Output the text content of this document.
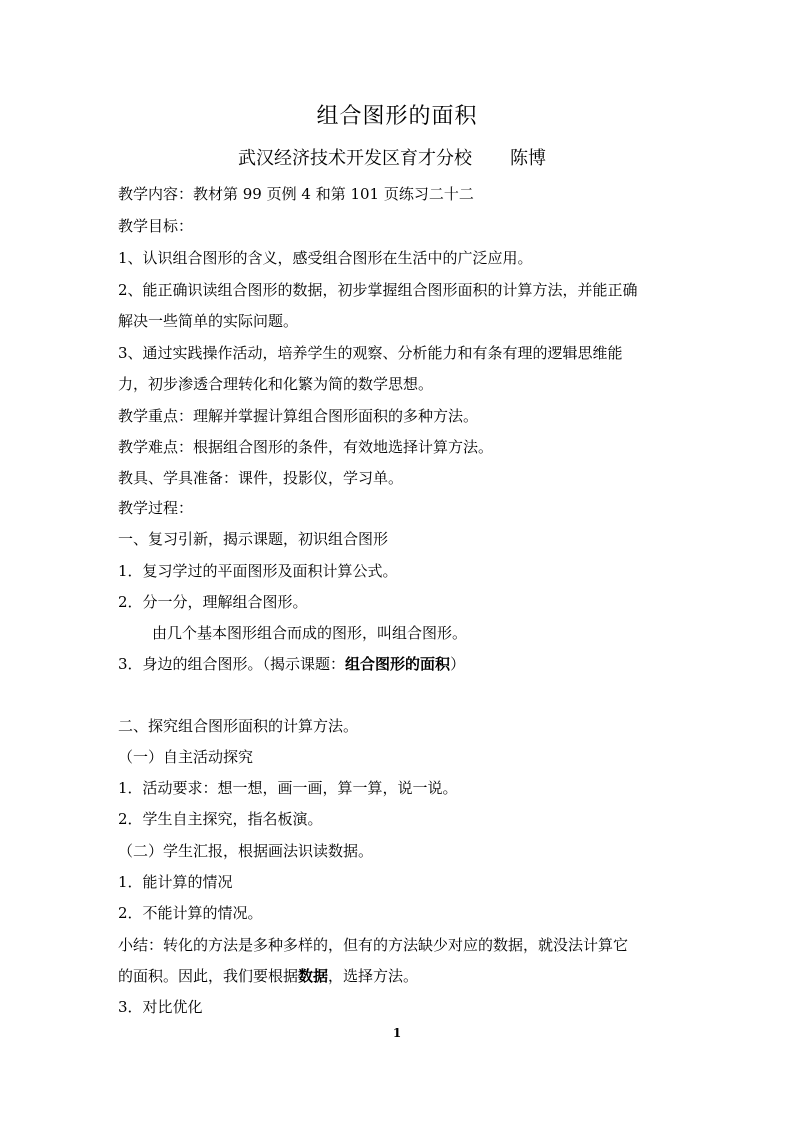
组合图形的面积
武汉经济技术开发区育才分校 陈博
教学内容：教材第 99 页例 4 和第 101 页练习二十二
教学目标：
1、认识组合图形的含义，感受组合图形在生活中的广泛应用。
2、能正确识读组合图形的数据，初步掌握组合图形面积的计算方法，并能正确
解决一些简单的实际问题。
3、通过实践操作活动，培养学生的观察、分析能力和有条有理的逻辑思维能
力，初步渗透合理转化和化繁为简的数学思想。
教学重点：理解并掌握计算组合图形面积的多种方法。
教学难点：根据组合图形的条件，有效地选择计算方法。
教具、学具准备：课件，投影仪，学习单。
教学过程：
一、复习引新，揭示课题，初识组合图形
1．复习学过的平面图形及面积计算公式。
2．分一分，理解组合图形。
由几个基本图形组合而成的图形，叫组合图形。
3．身边的组合图形。（揭示课题：组合图形的面积）
二、探究组合图形面积的计算方法。
（一）自主活动探究
1．活动要求：想一想，画一画，算一算，说一说。
2．学生自主探究，指名板演。
（二）学生汇报，根据画法识读数据。
1．能计算的情况
2．不能计算的情况。
小结：转化的方法是多种多样的，但有的方法缺少对应的数据，就没法计算它
的面积。因此，我们要根据数据，选择方法。
3．对比优化
1
